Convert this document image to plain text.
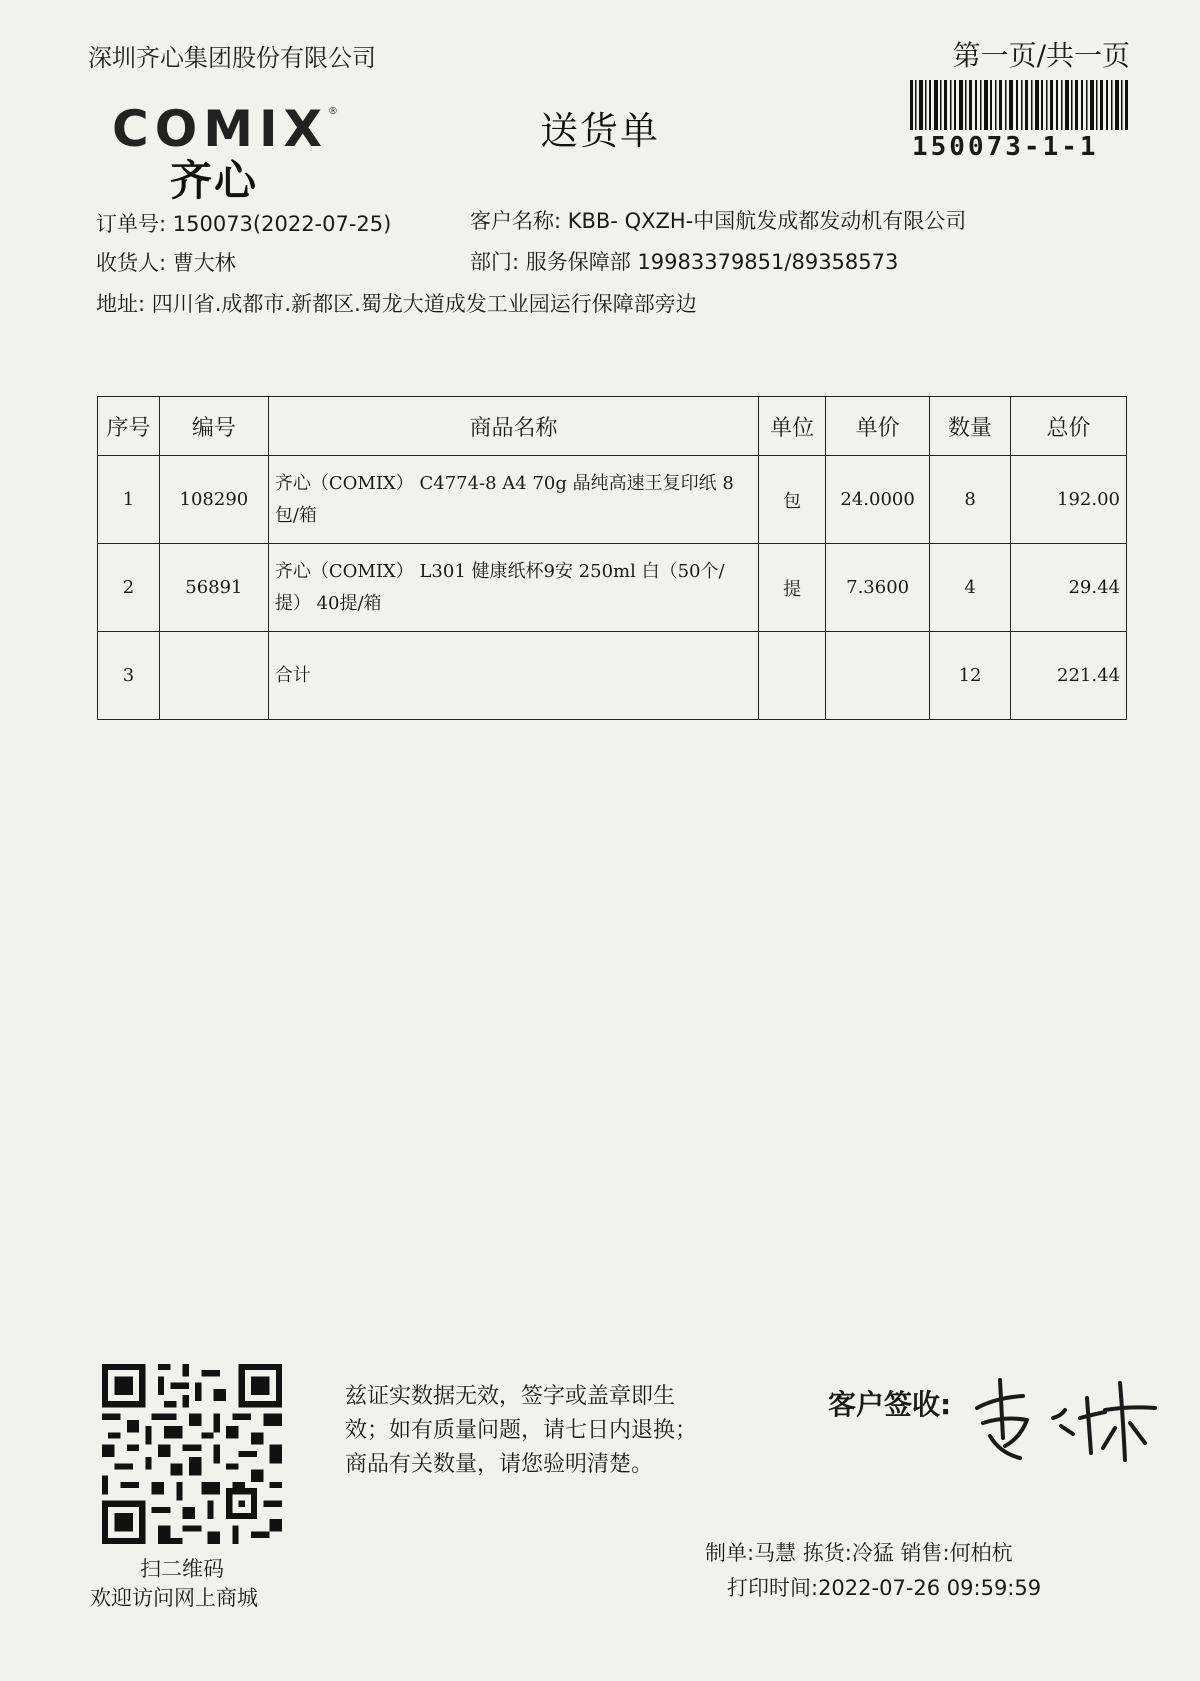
深圳齐心集团股份有限公司	第一页/共一页
COMIX ®
齐心
送货单	150073-1-1
订单号: 150073(2022-07-25)	客户名称: KBB- QXZH-中国航发成都发动机有限公司
收货人: 曹大林	部门: 服务保障部 19983379851/89358573
地址: 四川省.成都市.新都区.蜀龙大道成发工业园运行保障部旁边
序号	编号	商品名称	单位	单价	数量	总价
1	108290	齐心（COMIX） C4774-8 A4 70g 晶纯高速王复印纸 8包/箱	包	24.0000	8	192.00
2	56891	齐心（COMIX） L301 健康纸杯9安 250ml 白（50个/提） 40提/箱	提	7.3600	4	29.44
3		合计			12	221.44
扫二维码
欢迎访问网上商城
兹证实数据无效，签字或盖章即生
效；如有质量问题，请七日内退换；
商品有关数量，请您验明清楚。
客户签收:
制单:马慧 拣货:冷猛 销售:何柏杭
打印时间:2022-07-26 09:59:59
